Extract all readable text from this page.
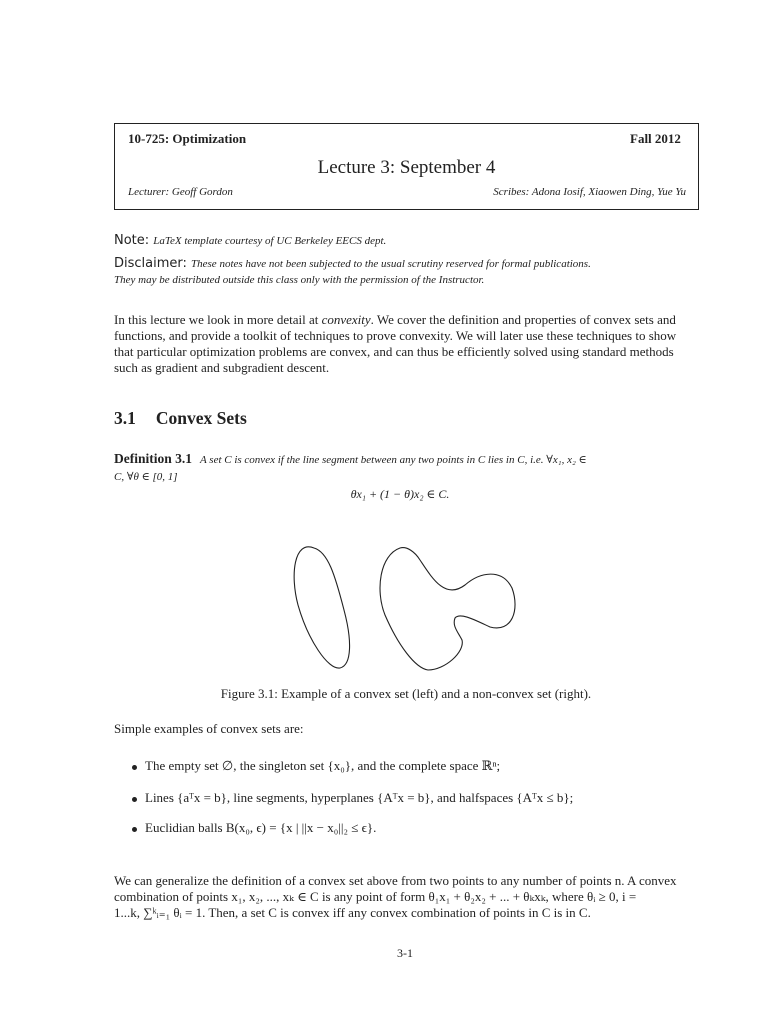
10-725: Optimization	Fall 2012
Lecture 3: September 4
Lecturer: Geoff Gordon	Scribes: Adona Iosif, Xiaowen Ding, Yue Yu
Note: LaTeX template courtesy of UC Berkeley EECS dept.
Disclaimer: These notes have not been subjected to the usual scrutiny reserved for formal publications.
They may be distributed outside this class only with the permission of the Instructor.
In this lecture we look in more detail at convexity. We cover the definition and properties of convex sets and
functions, and provide a toolkit of techniques to prove convexity. We will later use these techniques to show
that particular optimization problems are convex, and can thus be efficiently solved using standard methods
such as gradient and subgradient descent.
3.1 Convex Sets
Definition 3.1 A set C is convex if the line segment between any two points in C lies in C, i.e. ∀x₁, x₂ ∈
C, ∀θ ∈ [0, 1]
θx₁ + (1 − θ)x₂ ∈ C.
Figure 3.1: Example of a convex set (left) and a non-convex set (right).
Simple examples of convex sets are:
The empty set ∅, the singleton set {x₀}, and the complete space ℝⁿ;
Lines {aᵀx = b}, line segments, hyperplanes {Aᵀx = b}, and halfspaces {Aᵀx ≤ b};
Euclidian balls B(x₀, ϵ) = {x | ||x − x₀||₂ ≤ ϵ}.
We can generalize the definition of a convex set above from two points to any number of points n. A convex
combination of points x₁, x₂, ..., xₖ ∈ C is any point of form θ₁x₁ + θ₂x₂ + ... + θₖxₖ, where θᵢ ≥ 0, i =
1...k, ∑ᵏᵢ₌₁ θᵢ = 1. Then, a set C is convex iff any convex combination of points in C is in C.
3-1
